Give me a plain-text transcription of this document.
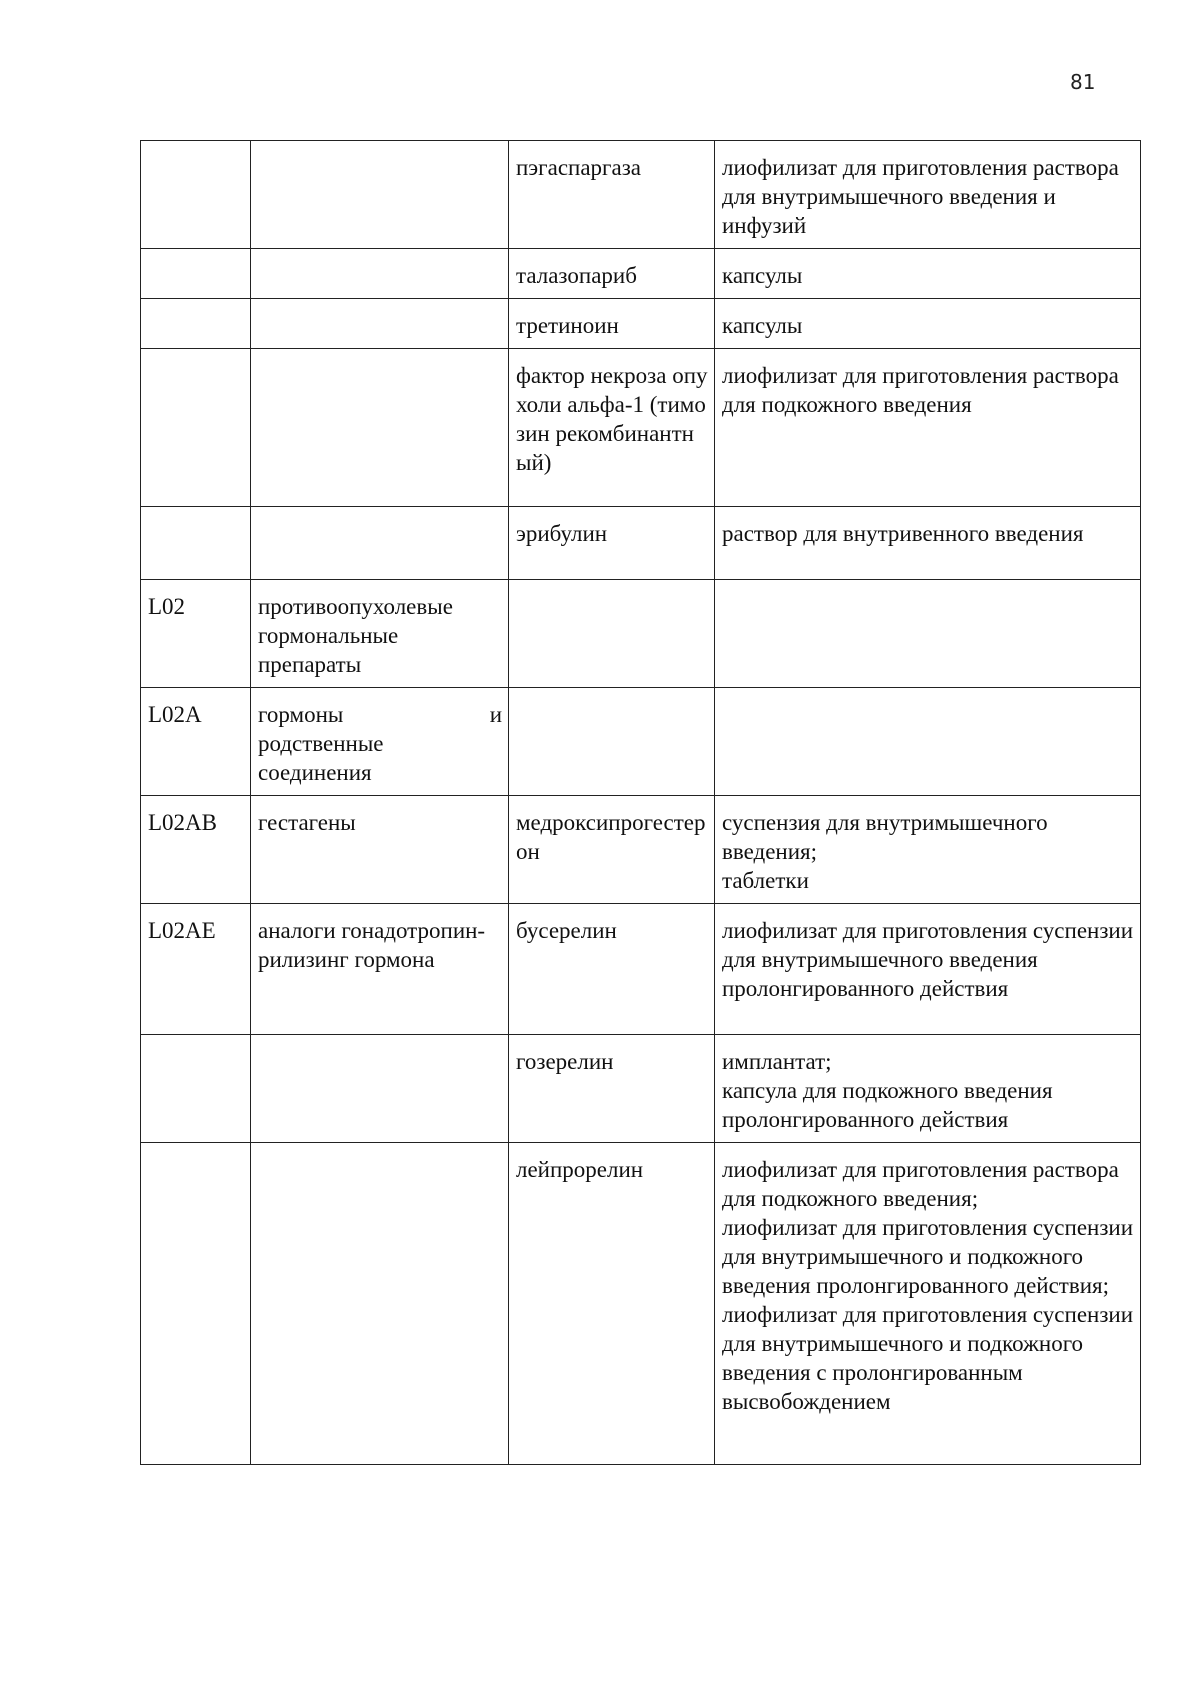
81
		пэгаспаргаза	лиофилизат для приготовления раствора для внутримышечного введения и инфузий

		талазопариб	капсулы

		третиноин	капсулы

		фактор некроза опухоли альфа-1 (тимозин рекомбинантный)	лиофилизат для приготовления раствора для подкожного введения

		эрибулин	раствор для внутривенного введения

L02	противоопухолевые гормональные препараты		
L02A	гормоны и
родственные соединения		

L02AB	гестагены	медроксипрогестерон	суспензия для внутримышечного введения;
таблетки

L02AE	аналоги гонадотропин-рилизинг гормона	бусерелин	лиофилизат для приготовления суспензии для внутримышечного введения пролонгированного действия

		гозерелин	имплантат;
капсула для подкожного введения пролонгированного действия

		лейпрорелин	лиофилизат для приготовления раствора для подкожного введения;
лиофилизат для приготовления суспензии для внутримышечного и подкожного введения пролонгированного действия;
лиофилизат для приготовления суспензии для внутримышечного и подкожного введения с пролонгированным высвобождением
